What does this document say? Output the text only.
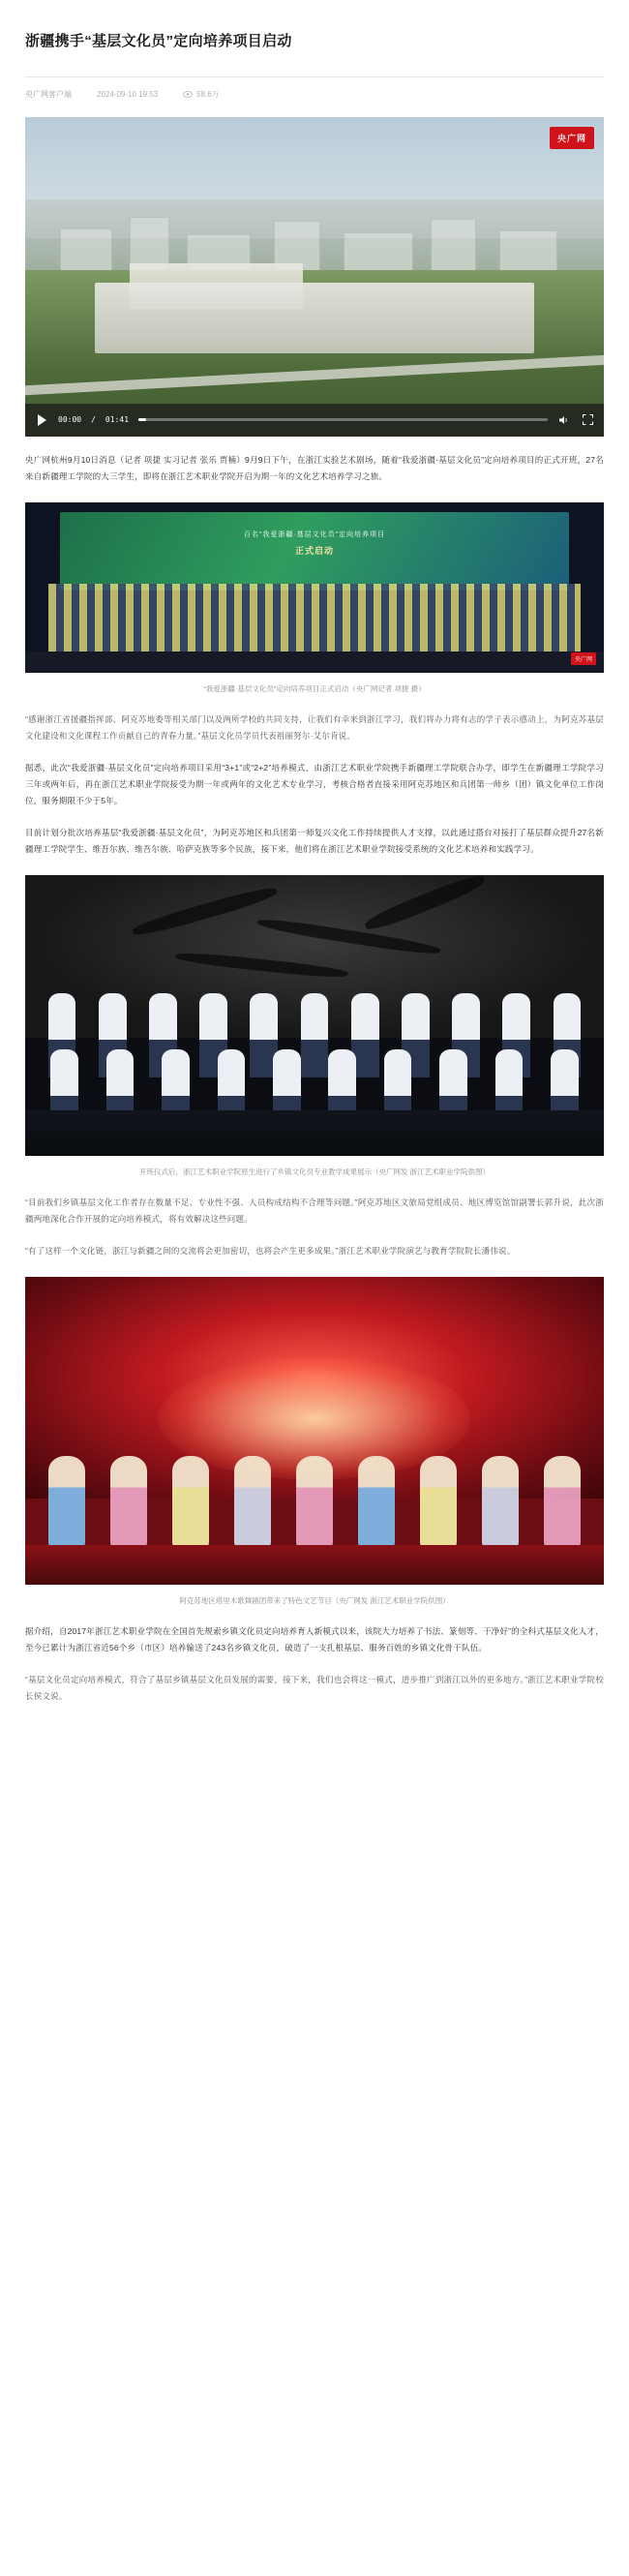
浙疆携手“基层文化员”定向培养项目启动
央广网客户端	2024-09-10 19:53	58.6万
央广网
00:00 / 01:41

央广网杭州9月10日消息（记者 项捷 实习记者 张乐 贾楠）9月9日下午，在浙江实验艺术剧场，随着“我爱浙疆·基层文化员”定向培养项目的正式开班，27名来自新疆理工学院的大三学生，即将在浙江艺术职业学院开启为期一年的文化艺术培养学习之旅。

百名“我爱浙疆·基层文化员”定向培养项目
正式启动
央广网
“我爱浙疆·基层文化员”定向培养项目正式启动（央广网记者 项捷 摄）

“感谢浙江省援疆指挥部、阿克苏地委等相关部门以及两所学校的共同支持，让我们有幸来到浙江学习，我们将办力将有志的学子表示感动上，为阿克苏基层文化建设和文化课程工作贡献自己的青春力量。”基层文化员学员代表祖丽努尔·艾尔肯说。

据悉，此次“我爱浙疆·基层文化员”定向培养项目采用“3+1”或“2+2”培养模式，由浙江艺术职业学院携手新疆理工学院联合办学，即学生在新疆理工学院学习三年或两年后，再在浙江艺术职业学院接受为期一年或两年的文化艺术专业学习，考核合格者直接采用阿克苏地区和兵团第一师乡（团）镇文化单位工作岗位，服务期限不少于5年。

目前计划分批次培养基层“我爱浙疆·基层文化员”，为阿克苏地区和兵团第一师复兴文化工作持续提供人才支撑，以此通过搭台对接打了基层群众提升27名新疆理工学院学生、维吾尔族、维吾尔族、哈萨克族等多个民族，接下来，他们将在浙江艺术职业学院接受系统的文化艺术培养和实践学习。

开班仪式后，浙江艺术职业学院原生进行了乡镇文化员专业教学成果展示（央广网发 浙江艺术职业学院供图）

“目前我们乡镇基层文化工作者存在数量不足、专业性不强、人员构成结构不合理等问题。”阿克苏地区文旅局党组成员、地区博览馆馆副署长郭升说，此次浙疆两地深化合作开展的定向培养模式，将有效解决这些问题。

“有了这样一个文化链，浙江与新疆之间的交流将会更加密切，也将会产生更多成果。”浙江艺术职业学院演艺与教育学院院长潘伟说。

阿克苏地区塔里木歌舞剧团带来了特色文艺节目（央广网发 浙江艺术职业学院供图）

据介绍，自2017年浙江艺术职业学院在全国首先规索乡镇文化员定向培养育人新模式以来，该院大力培养了书法、篆刻等、干净好”的全科式基层文化人才，至今已累计为浙江省近56个乡（市区）培养输送了243名乡镇文化员，破造了一支扎根基层、服务百姓的乡镇文化骨干队伍。

“基层文化员定向培养模式，符合了基层乡镇基层文化员发展的需要，接下来，我们也会将这一模式，进步推广到浙江以外的更多地方。”浙江艺术职业学院校长侯文说。
